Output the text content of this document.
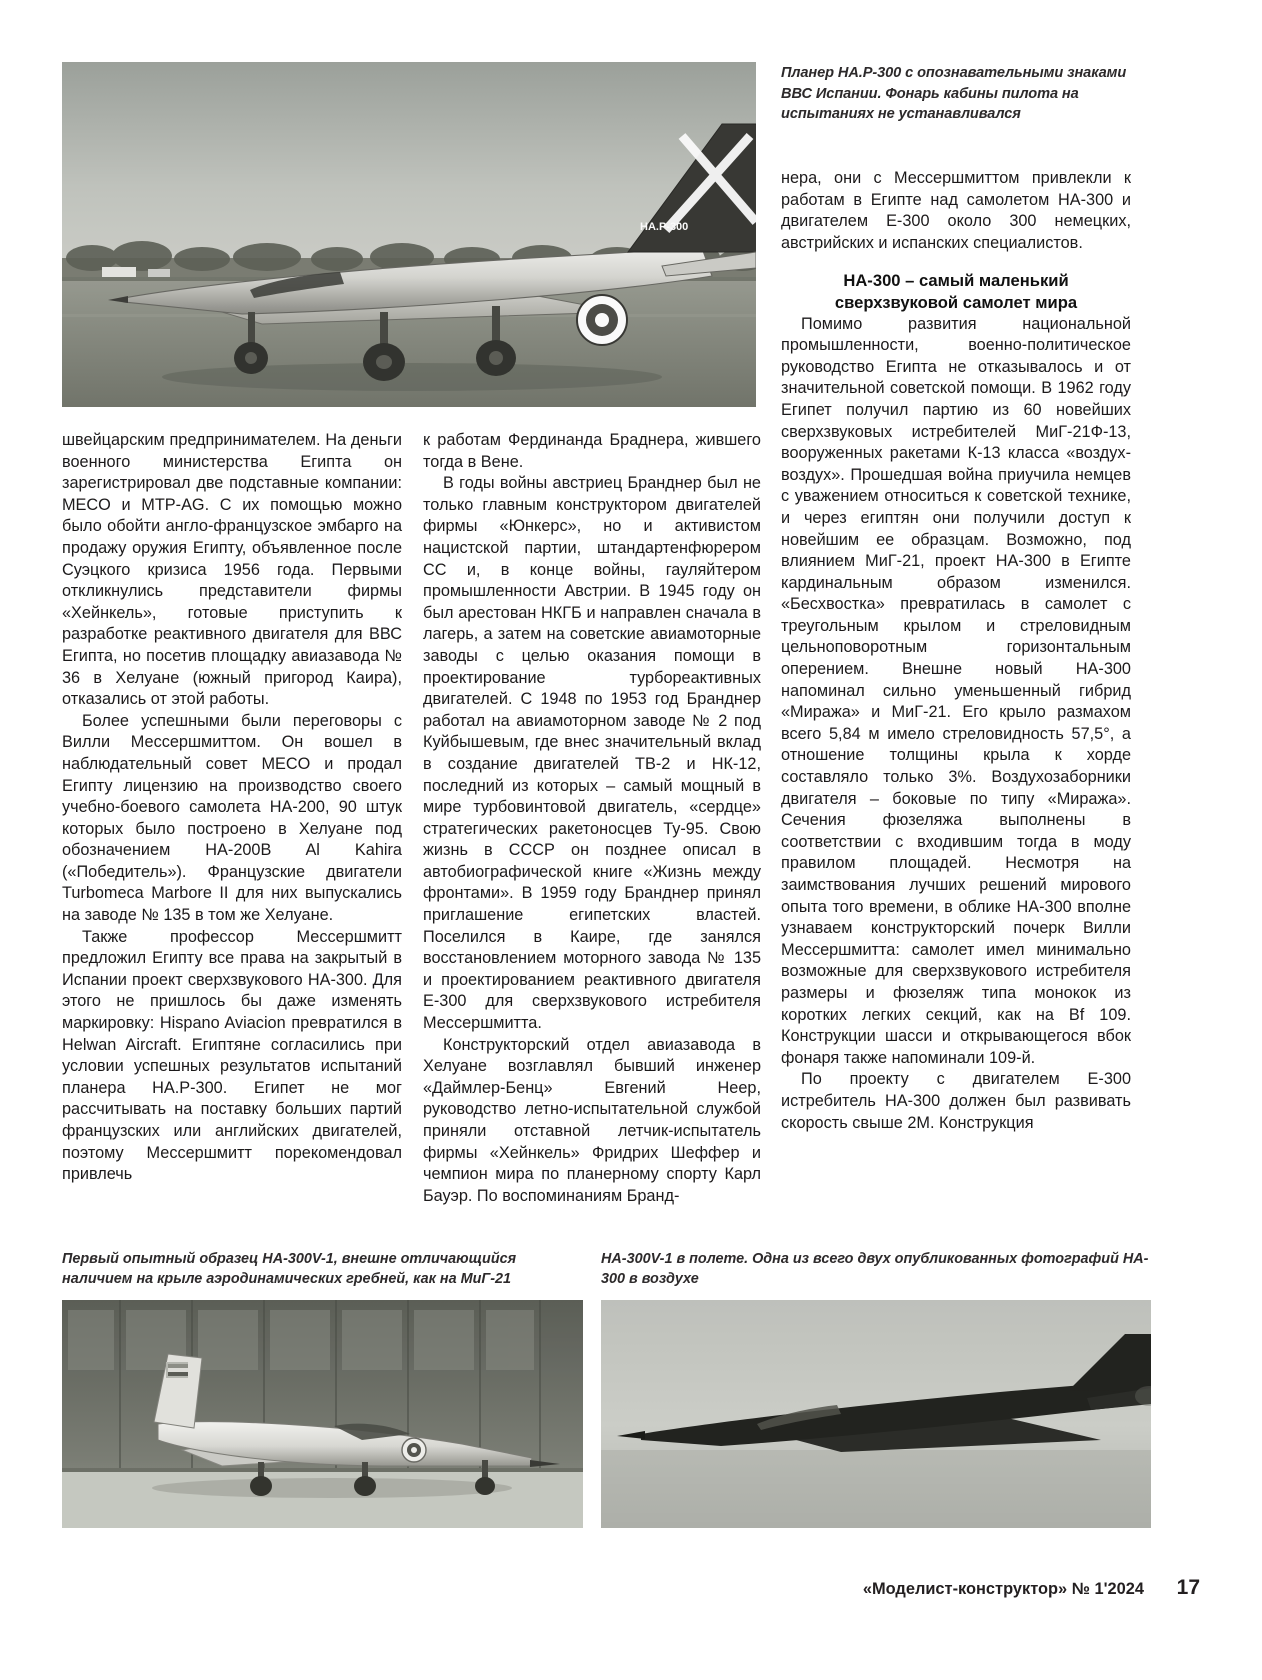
HA.P-300
Планер HA.P-300 с опознавательными знаками ВВС Испании. Фонарь кабины пилота на испытаниях не устанавливался

нера, они с Мессершмиттом привлекли к работам в Египте над самолетом HA-300 и двигателем Е-300 около 300 немецких, австрийских и испанских специалистов.

HA-300 – самый маленький сверхзвуковой самолет мира

Помимо развития национальной промышленности, военно-политическое руководство Египта не отказывалось и от значительной советской помощи. В 1962 году Египет получил партию из 60 новейших сверхзвуковых истребителей МиГ-21Ф-13, вооруженных ракетами К-13 класса «воздух-воздух». Прошедшая война приучила немцев с уважением относиться к советской технике, и через египтян они получили доступ к новейшим ее образцам. Возможно, под влиянием МиГ-21, проект HA-300 в Египте кардинальным образом изменился. «Бесхвостка» превратилась в самолет с треугольным крылом и стреловидным цельноповоротным горизонтальным оперением. Внешне новый HA-300 напоминал сильно уменьшенный гибрид «Миража» и МиГ-21. Его крыло размахом всего 5,84 м имело стреловидность 57,5°, а отношение толщины крыла к хорде составляло только 3%. Воздухозаборники двигателя – боковые по типу «Миража». Сечения фюзеляжа выполнены в соответствии с входившим тогда в моду правилом площадей. Несмотря на заимствования лучших решений мирового опыта того времени, в облике HA-300 вполне узнаваем конструкторский почерк Вилли Мессершмитта: самолет имел минимально возможные для сверхзвукового истребителя размеры и фюзеляж типа монокок из коротких легких секций, как на Bf 109. Конструкции шасси и открывающегося вбок фонаря также напоминали 109-й.

По проекту с двигателем Е-300 истребитель HA-300 должен был развивать скорость свыше 2М. Конструкция

швейцарским предпринимателем. На деньги военного министерства Египта он зарегистрировал две подставные компании: MECO и MTP-AG. С их помощью можно было обойти англо-французское эмбарго на продажу оружия Египту, объявленное после Суэцкого кризиса 1956 года. Первыми откликнулись представители фирмы «Хейнкель», готовые приступить к разработке реактивного двигателя для ВВС Египта, но посетив площадку авиазавода № 36 в Хелуане (южный пригород Каира), отказались от этой работы.

Более успешными были переговоры с Вилли Мессершмиттом. Он вошел в наблюдательный совет MECO и продал Египту лицензию на производство своего учебно-боевого самолета HA-200, 90 штук которых было построено в Хелуане под обозначением HA-200B Al Kahira («Победитель»). Французские двигатели Turbomeca Marbore II для них выпускались на заводе № 135 в том же Хелуане.

Также профессор Мессершмитт предложил Египту все права на закрытый в Испании проект сверхзвукового HA-300. Для этого не пришлось бы даже изменять маркировку: Hispano Aviacion превратился в Helwan Aircraft. Египтяне согласились при условии успешных результатов испытаний планера HA.P-300. Египет не мог рассчитывать на поставку больших партий французских или английских двигателей, поэтому Мессершмитт порекомендовал привлечь

к работам Фердинанда Браднера, жившего тогда в Вене.

В годы войны австриец Бранднер был не только главным конструктором двигателей фирмы «Юнкерс», но и активистом нацистской партии, штандартенфюрером СС и, в конце войны, гауляйтером промышленности Австрии. В 1945 году он был арестован НКГБ и направлен сначала в лагерь, а затем на советские авиамоторные заводы с целью оказания помощи в проектирование турбореактивных двигателей. С 1948 по 1953 год Бранднер работал на авиамоторном заводе № 2 под Куйбышевым, где внес значительный вклад в создание двигателей ТВ-2 и НК-12, последний из которых – самый мощный в мире турбовинтовой двигатель, «сердце» стратегических ракетоносцев Ту-95. Свою жизнь в СССР он позднее описал в автобиографической книге «Жизнь между фронтами». В 1959 году Бранднер принял приглашение египетских властей. Поселился в Каире, где занялся восстановлением моторного завода № 135 и проектированием реактивного двигателя Е-300 для сверхзвукового истребителя Мессершмитта.

Конструкторский отдел авиазавода в Хелуане возглавлял бывший инженер «Даймлер-Бенц» Евгений Неер, руководство летно-испытательной службой приняли отставной летчик-испытатель фирмы «Хейнкель» Фридрих Шеффер и чемпион мира по планерному спорту Карл Бауэр. По воспоминаниям Бранд-

Первый опытный образец HA-300V-1, внешне отличающийся наличием на крыле аэродинамических гребней, как на МиГ-21
HA-300V-1 в полете. Одна из всего двух опубликованных фотографий HA-300 в воздухе
«Моделист-конструктор» № 1'2024 17
